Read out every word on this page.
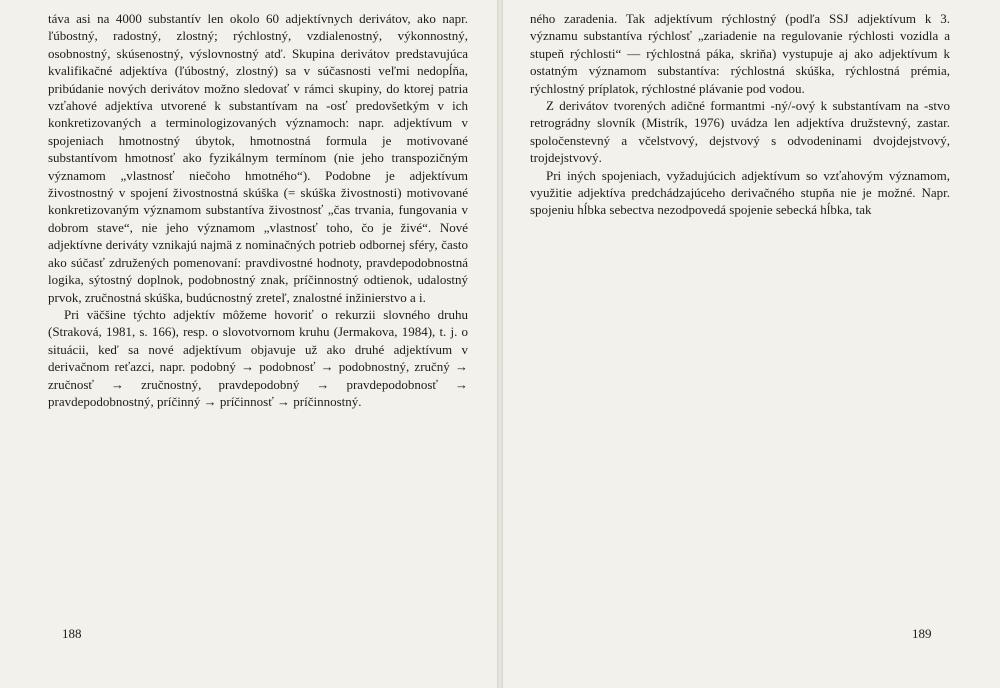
táva asi na 4000 substantív len okolo 60 adjektívnych derivátov, ako napr. ľúbostný, radostný, zlostný; rýchlostný, vzdialenostný, výkonnostný, osobnostný, skúsenostný, výslovnostný atď. Skupina derivátov predstavujúca kvalifikačné adjektíva (ľúbostný, zlostný) sa v súčasnosti veľmi nedopĺňa, pribúdanie nových derivátov možno sledovať v rámci skupiny, do ktorej patria vzťahové adjektíva utvorené k substantívam na -osť predovšetkým v ich konkretizovaných a terminologizovaných významoch: napr. adjektívum v spojeniach hmotnostný úbytok, hmotnostná formula je motivované substantívom hmotnosť ako fyzikálnym termínom (nie jeho transpozičným významom „vlastnosť niečoho hmotného“). Podobne je adjektívum živostnostný v spojení živostnostná skúška (= skúška živostnosti) motivované konkretizovaným významom substantíva živostnosť „čas trvania, fungovania v dobrom stave“, nie jeho významom „vlastnosť toho, čo je živé“. Nové adjektívne deriváty vznikajú najmä z nominačných potrieb odbornej sféry, často ako súčasť združených pomenovaní: pravdivostné hodnoty, pravdepodobnostná logika, sýtostný doplnok, podobnostný znak, príčinnostný odtienok, udalostný prvok, zručnostná skúška, budúcnostný zreteľ, znalostné inžinierstvo a i.

Pri väčšine týchto adjektív môžeme hovoriť o rekurzii slovného druhu (Straková, 1981, s. 166), resp. o slovotvornom kruhu (Jermakova, 1984), t. j. o situácii, keď sa nové adjektívum objavuje už ako druhé adjektívum v derivačnom reťazci, napr. podobný → podobnosť → podobnostný, zručný → zručnosť → zručnostný, pravdepodobný → pravdepodobnosť → pravdepodobnostný, príčinný → príčinnosť → príčinnostný.

ného zaradenia. Tak adjektívum rýchlostný (podľa SSJ adjektívum k 3. významu substantíva rýchlosť „zariadenie na regulovanie rýchlosti vozidla a stupeň rýchlosti“ — rýchlostná páka, skriňa) vystupuje aj ako adjektívum k ostatným významom substantíva: rýchlostná skúška, rýchlostná prémia, rýchlostný príplatok, rýchlostné plávanie pod vodou.

Z derivátov tvorených adičné formantmi -ný/-ový k substantívam na -stvo retrográdny slovník (Mistrík, 1976) uvádza len adjektíva družstevný, zastar. spoločenstevný a včelstvový, dejstvový s odvodeninami dvojdejstvový, trojdejstvový.

Pri iných spojeniach, vyžadujúcich adjektívum so vzťahovým významom, využitie adjektíva predchádzajúceho derivačného stupňa nie je možné. Napr. spojeniu hĺbka sebectva nezodpovedá spojenie sebecká hĺbka, tak

188	189
